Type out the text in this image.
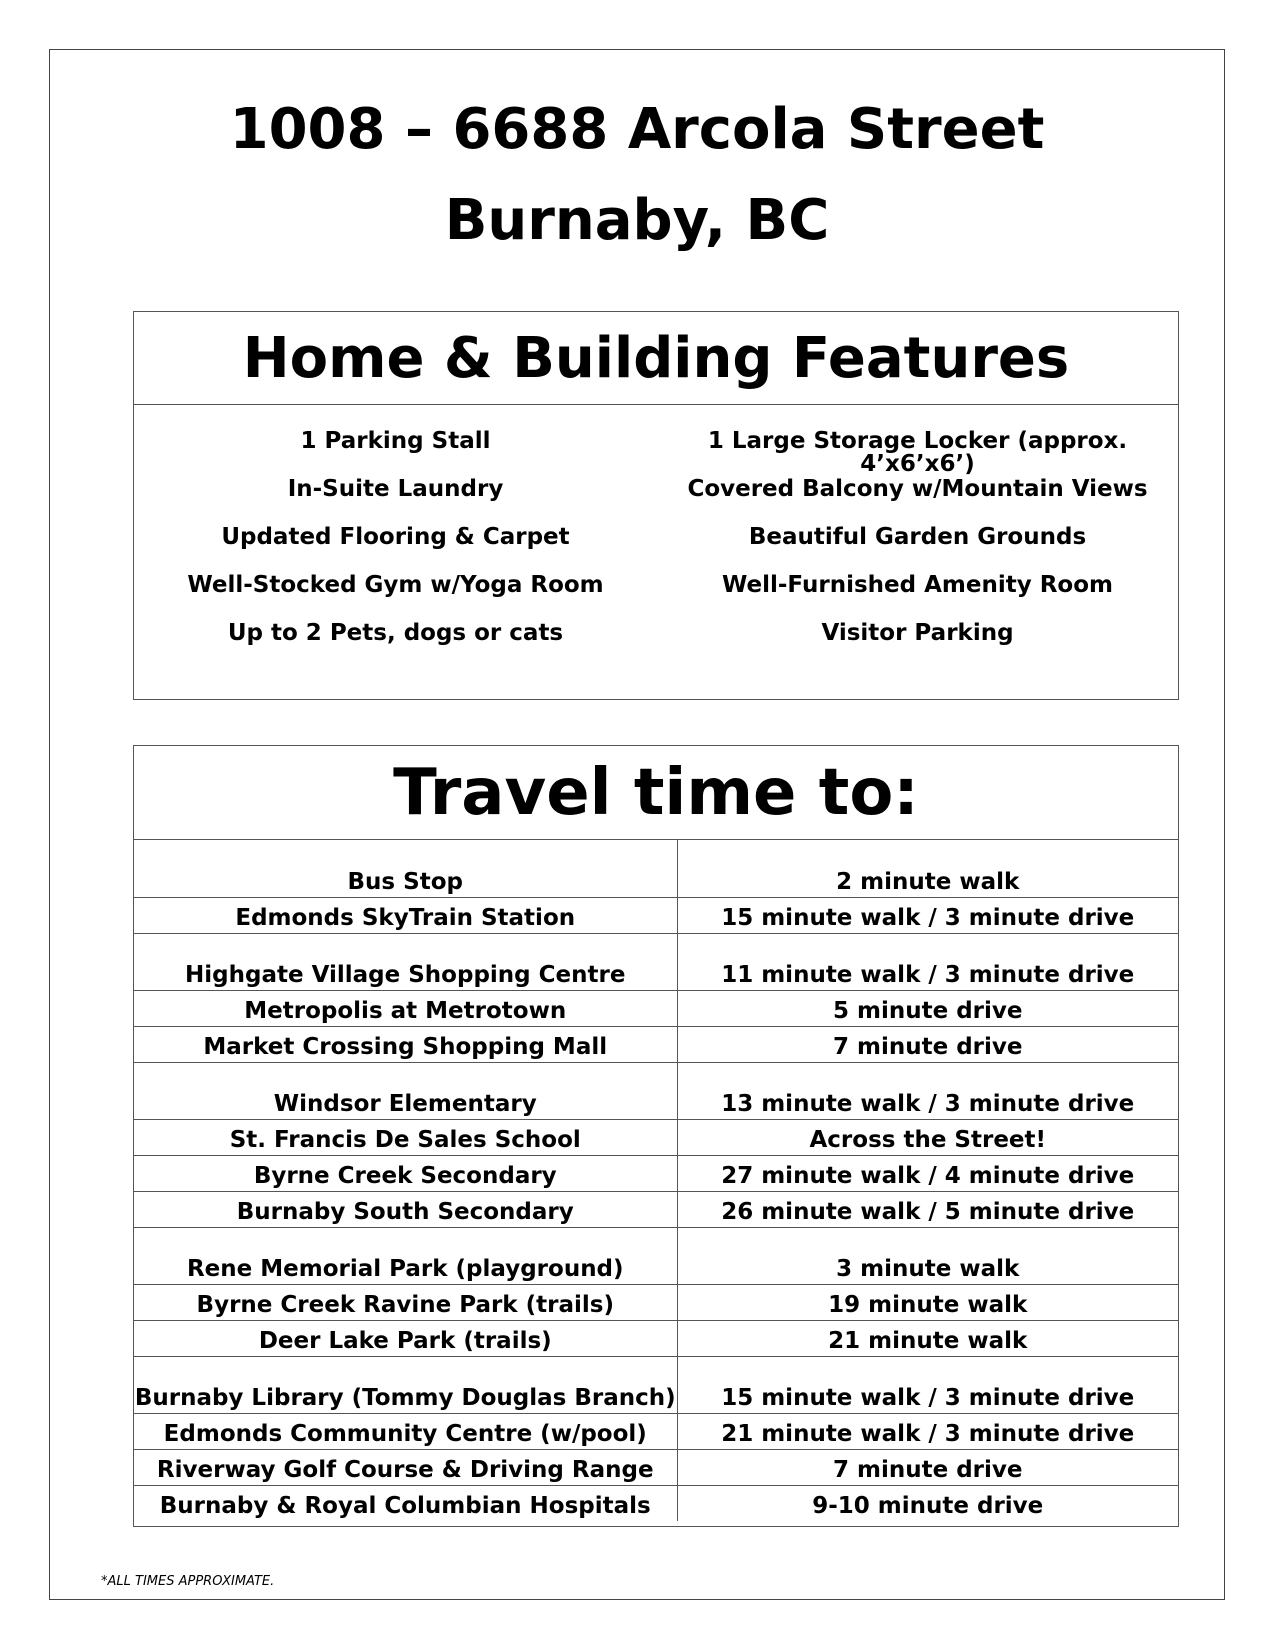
1008 – 6688 Arcola Street
Burnaby, BC
Home & Building Features
1 Parking Stall	1 Large Storage Locker (approx. 4’x6’x6’)
In-Suite Laundry	Covered Balcony w/Mountain Views
Updated Flooring & Carpet	Beautiful Garden Grounds
Well-Stocked Gym w/Yoga Room	Well-Furnished Amenity Room
Up to 2 Pets, dogs or cats	Visitor Parking
Travel time to:
Bus Stop	2 minute walk
Edmonds SkyTrain Station	15 minute walk / 3 minute drive
Highgate Village Shopping Centre	11 minute walk / 3 minute drive
Metropolis at Metrotown	5 minute drive
Market Crossing Shopping Mall	7 minute drive
Windsor Elementary	13 minute walk / 3 minute drive
St. Francis De Sales School	Across the Street!
Byrne Creek Secondary	27 minute walk / 4 minute drive
Burnaby South Secondary	26 minute walk / 5 minute drive
Rene Memorial Park (playground)	3 minute walk
Byrne Creek Ravine Park (trails)	19 minute walk
Deer Lake Park (trails)	21 minute walk
Burnaby Library (Tommy Douglas Branch)	15 minute walk / 3 minute drive
Edmonds Community Centre (w/pool)	21 minute walk / 3 minute drive
Riverway Golf Course & Driving Range	7 minute drive
Burnaby & Royal Columbian Hospitals	9-10 minute drive
*ALL TIMES APPROXIMATE.
